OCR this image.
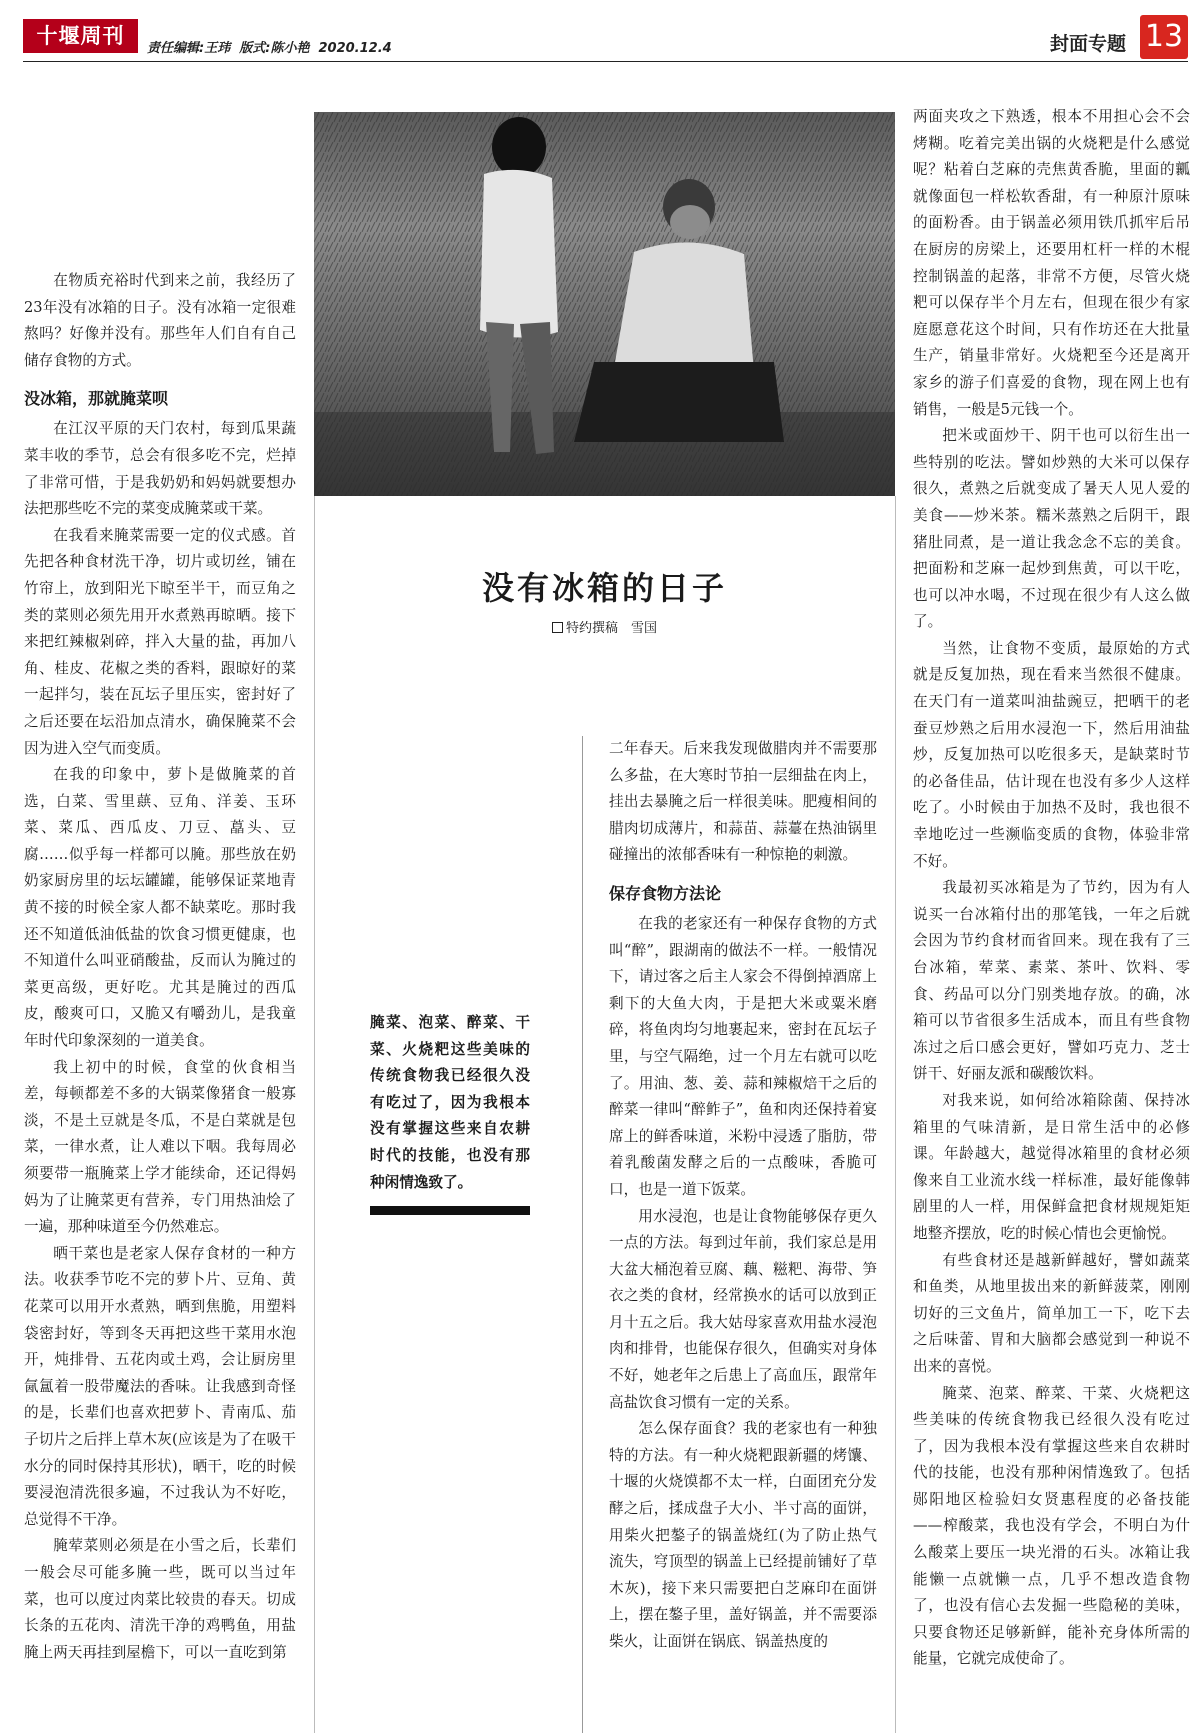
十堰周刊
责任编辑:王玮  版式:陈小艳  2020.12.4	封面专题 13
没有冰箱的日子
特约撰稿　雪国
腌菜、泡菜、醉菜、干菜、火烧粑这些美味的传统食物我已经很久没有吃过了，因为我根本没有掌握这些来自农耕时代的技能，也没有那种闲情逸致了。

在物质充裕时代到来之前，我经历了23年没有冰箱的日子。没有冰箱一定很难熬吗？好像并没有。那些年人们自有自己储存食物的方式。

没冰箱，那就腌菜呗

在江汉平原的天门农村，每到瓜果蔬菜丰收的季节，总会有很多吃不完，烂掉了非常可惜，于是我奶奶和妈妈就要想办法把那些吃不完的菜变成腌菜或干菜。

在我看来腌菜需要一定的仪式感。首先把各种食材洗干净，切片或切丝，铺在竹帘上，放到阳光下晾至半干，而豆角之类的菜则必须先用开水煮熟再晾晒。接下来把红辣椒剁碎，拌入大量的盐，再加八角、桂皮、花椒之类的香料，跟晾好的菜一起拌匀，装在瓦坛子里压实，密封好了之后还要在坛沿加点清水，确保腌菜不会因为进入空气而变质。

在我的印象中，萝卜是做腌菜的首选，白菜、雪里蕻、豆角、洋姜、玉环菜、菜瓜、西瓜皮、刀豆、藠头、豆腐……似乎每一样都可以腌。那些放在奶奶家厨房里的坛坛罐罐，能够保证菜地青黄不接的时候全家人都不缺菜吃。那时我还不知道低油低盐的饮食习惯更健康，也不知道什么叫亚硝酸盐，反而认为腌过的菜更高级，更好吃。尤其是腌过的西瓜皮，酸爽可口，又脆又有嚼劲儿，是我童年时代印象深刻的一道美食。

我上初中的时候，食堂的伙食相当差，每顿都差不多的大锅菜像猪食一般寡淡，不是土豆就是冬瓜，不是白菜就是包菜，一律水煮，让人难以下咽。我每周必须要带一瓶腌菜上学才能续命，还记得妈妈为了让腌菜更有营养，专门用热油烩了一遍，那种味道至今仍然难忘。

晒干菜也是老家人保存食材的一种方法。收获季节吃不完的萝卜片、豆角、黄花菜可以用开水煮熟，晒到焦脆，用塑料袋密封好，等到冬天再把这些干菜用水泡开，炖排骨、五花肉或土鸡，会让厨房里氤氲着一股带魔法的香味。让我感到奇怪的是，长辈们也喜欢把萝卜、青南瓜、茄子切片之后拌上草木灰(应该是为了在吸干水分的同时保持其形状)，晒干，吃的时候要浸泡清洗很多遍，不过我认为不好吃，总觉得不干净。

腌荤菜则必须是在小雪之后，长辈们一般会尽可能多腌一些，既可以当过年菜，也可以度过肉菜比较贵的春天。切成长条的五花肉、清洗干净的鸡鸭鱼，用盐腌上两天再挂到屋檐下，可以一直吃到第

二年春天。后来我发现做腊肉并不需要那么多盐，在大寒时节拍一层细盐在肉上，挂出去暴腌之后一样很美味。肥瘦相间的腊肉切成薄片，和蒜苗、蒜薹在热油锅里碰撞出的浓郁香味有一种惊艳的刺激。

保存食物方法论

在我的老家还有一种保存食物的方式叫“醉”，跟湖南的做法不一样。一般情况下，请过客之后主人家会不得倒掉酒席上剩下的大鱼大肉，于是把大米或粟米磨碎，将鱼肉均匀地裹起来，密封在瓦坛子里，与空气隔绝，过一个月左右就可以吃了。用油、葱、姜、蒜和辣椒焙干之后的醉菜一律叫“醉鲊子”，鱼和肉还保持着宴席上的鲜香味道，米粉中浸透了脂肪，带着乳酸菌发酵之后的一点酸味，香脆可口，也是一道下饭菜。

用水浸泡，也是让食物能够保存更久一点的方法。每到过年前，我们家总是用大盆大桶泡着豆腐、藕、糍粑、海带、笋衣之类的食材，经常换水的话可以放到正月十五之后。我大姑母家喜欢用盐水浸泡肉和排骨，也能保存很久，但确实对身体不好，她老年之后患上了高血压，跟常年高盐饮食习惯有一定的关系。

怎么保存面食？我的老家也有一种独特的方法。有一种火烧粑跟新疆的烤馕、十堰的火烧馍都不太一样，白面团充分发酵之后，揉成盘子大小、半寸高的面饼，用柴火把鏊子的锅盖烧红(为了防止热气流失，穹顶型的锅盖上已经提前铺好了草木灰)，接下来只需要把白芝麻印在面饼上，摆在鏊子里，盖好锅盖，并不需要添柴火，让面饼在锅底、锅盖热度的

两面夹攻之下熟透，根本不用担心会不会烤糊。吃着完美出锅的火烧粑是什么感觉呢？粘着白芝麻的壳焦黄香脆，里面的瓤就像面包一样松软香甜，有一种原汁原味的面粉香。由于锅盖必须用铁爪抓牢后吊在厨房的房梁上，还要用杠杆一样的木棍控制锅盖的起落，非常不方便，尽管火烧粑可以保存半个月左右，但现在很少有家庭愿意花这个时间，只有作坊还在大批量生产，销量非常好。火烧粑至今还是离开家乡的游子们喜爱的食物，现在网上也有销售，一般是5元钱一个。

把米或面炒干、阴干也可以衍生出一些特别的吃法。譬如炒熟的大米可以保存很久，煮熟之后就变成了暑天人见人爱的美食——炒米茶。糯米蒸熟之后阴干，跟猪肚同煮，是一道让我念念不忘的美食。把面粉和芝麻一起炒到焦黄，可以干吃，也可以冲水喝，不过现在很少有人这么做了。

当然，让食物不变质，最原始的方式就是反复加热，现在看来当然很不健康。在天门有一道菜叫油盐豌豆，把晒干的老蚕豆炒熟之后用水浸泡一下，然后用油盐炒，反复加热可以吃很多天，是缺菜时节的必备佳品，估计现在也没有多少人这样吃了。小时候由于加热不及时，我也很不幸地吃过一些濒临变质的食物，体验非常不好。

我最初买冰箱是为了节约，因为有人说买一台冰箱付出的那笔钱，一年之后就会因为节约食材而省回来。现在我有了三台冰箱，荤菜、素菜、茶叶、饮料、零食、药品可以分门别类地存放。的确，冰箱可以节省很多生活成本，而且有些食物冻过之后口感会更好，譬如巧克力、芝士饼干、好丽友派和碳酸饮料。

对我来说，如何给冰箱除菌、保持冰箱里的气味清新，是日常生活中的必修课。年龄越大，越觉得冰箱里的食材必须像来自工业流水线一样标准，最好能像韩剧里的人一样，用保鲜盒把食材规规矩矩地整齐摆放，吃的时候心情也会更愉悦。

有些食材还是越新鲜越好，譬如蔬菜和鱼类，从地里拔出来的新鲜菠菜，刚刚切好的三文鱼片，简单加工一下，吃下去之后味蕾、胃和大脑都会感觉到一种说不出来的喜悦。

腌菜、泡菜、醉菜、干菜、火烧粑这些美味的传统食物我已经很久没有吃过了，因为我根本没有掌握这些来自农耕时代的技能，也没有那种闲情逸致了。包括郧阳地区检验妇女贤惠程度的必备技能——榨酸菜，我也没有学会，不明白为什么酸菜上要压一块光滑的石头。冰箱让我能懒一点就懒一点，几乎不想改造食物了，也没有信心去发掘一些隐秘的美味，只要食物还足够新鲜，能补充身体所需的能量，它就完成使命了。
